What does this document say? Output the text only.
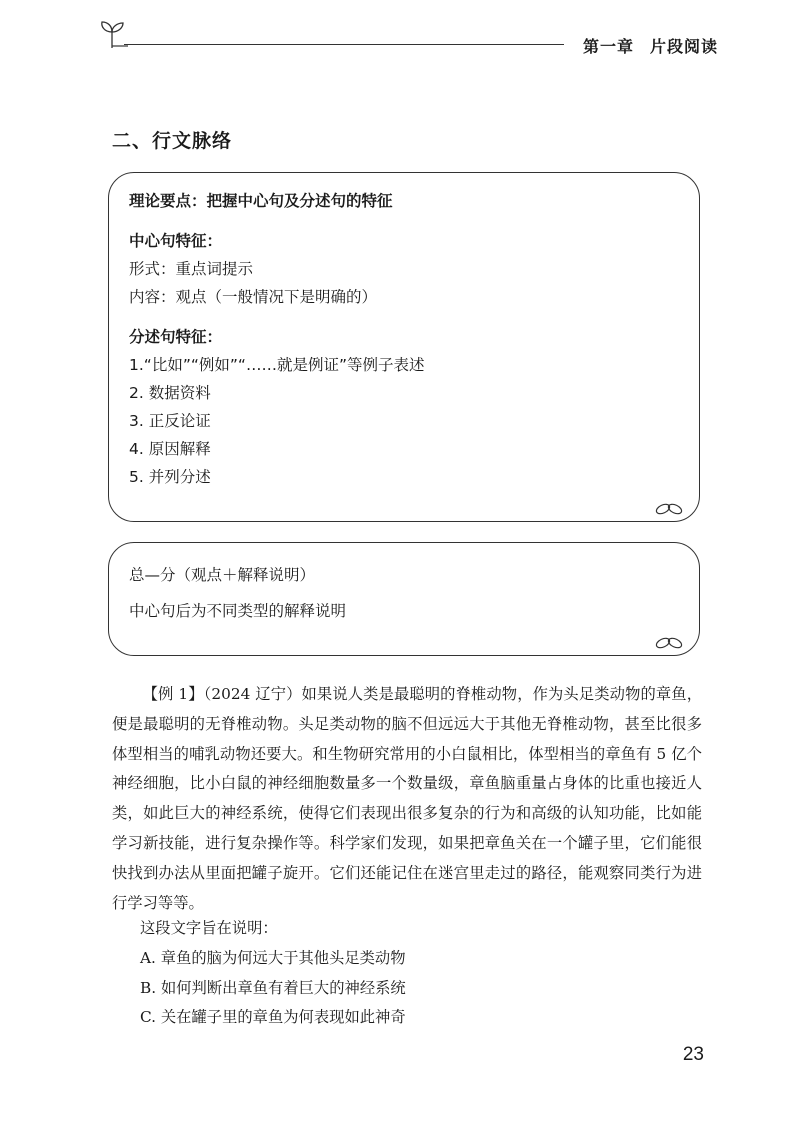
第一章 片段阅读
二、行文脉络

理论要点：把握中心句及分述句的特征

中心句特征：

形式：重点词提示

内容：观点（一般情况下是明确的）

分述句特征：

1.“比如”“例如”“……就是例证”等例子表述

2. 数据资料

3. 正反论证

4. 原因解释

5. 并列分述

总—分（观点＋解释说明）

中心句后为不同类型的解释说明

【例 1】（2024 辽宁）如果说人类是最聪明的脊椎动物，作为头足类动物的章鱼，便是最聪明的无脊椎动物。头足类动物的脑不但远远大于其他无脊椎动物，甚至比很多体型相当的哺乳动物还要大。和生物研究常用的小白鼠相比，体型相当的章鱼有 5 亿个神经细胞，比小白鼠的神经细胞数量多一个数量级，章鱼脑重量占身体的比重也接近人类，如此巨大的神经系统，使得它们表现出很多复杂的行为和高级的认知功能，比如能学习新技能，进行复杂操作等。科学家们发现，如果把章鱼关在一个罐子里，它们能很快找到办法从里面把罐子旋开。它们还能记住在迷宫里走过的路径，能观察同类行为进行学习等等。

这段文字旨在说明：

A. 章鱼的脑为何远大于其他头足类动物

B. 如何判断出章鱼有着巨大的神经系统

C. 关在罐子里的章鱼为何表现如此神奇

23
